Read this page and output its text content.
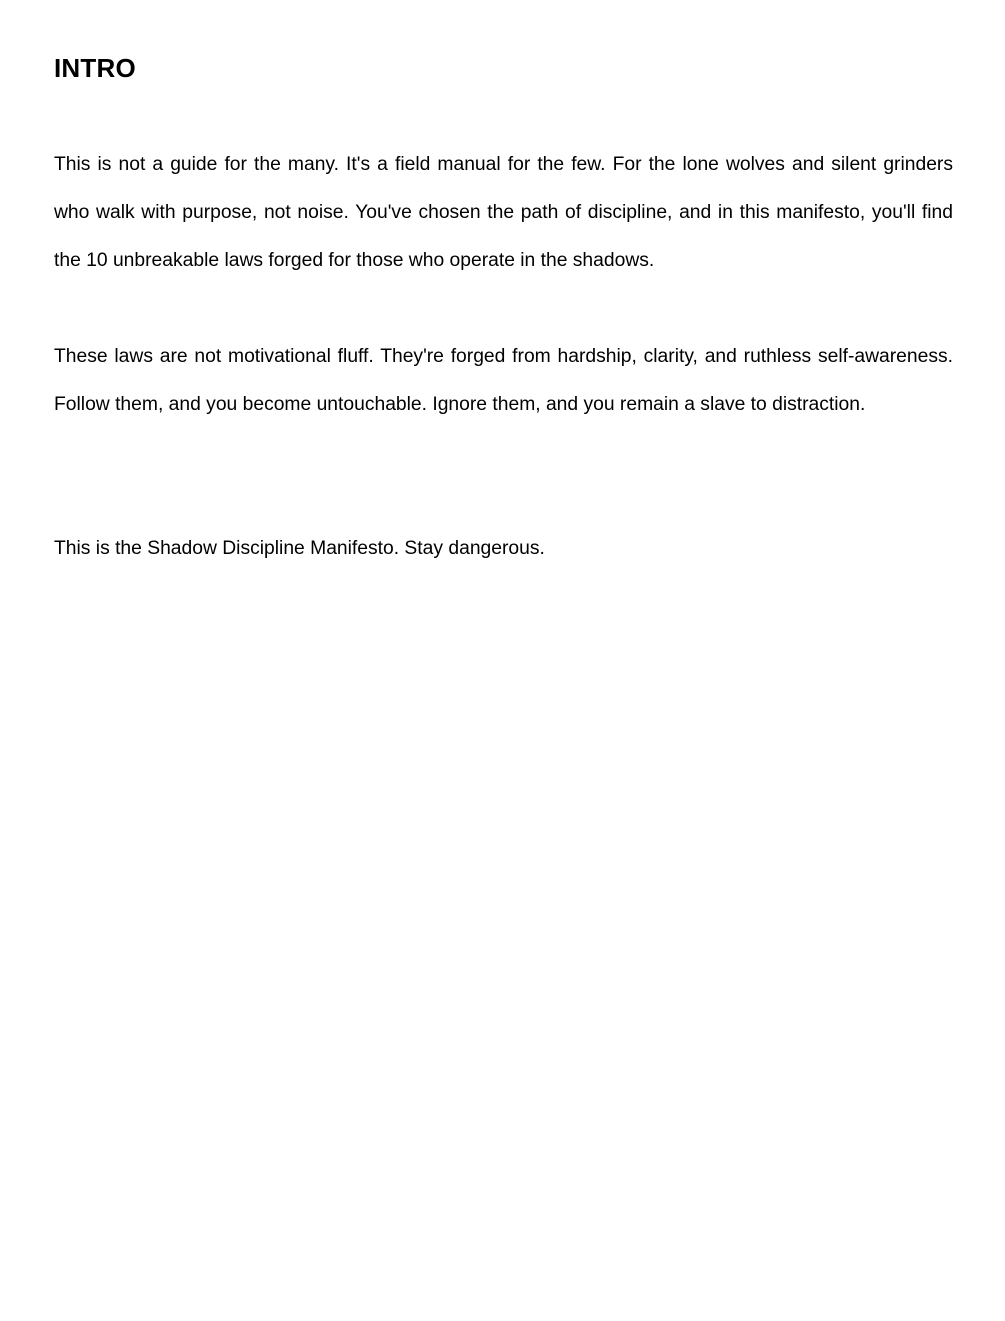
INTRO

This is not a guide for the many. It's a field manual for the few. For the lone wolves and silent grinders who walk with purpose, not noise. You've chosen the path of discipline, and in this manifesto, you'll find the 10 unbreakable laws forged for those who operate in the shadows.

These laws are not motivational fluff. They're forged from hardship, clarity, and ruthless self-awareness. Follow them, and you become untouchable. Ignore them, and you remain a slave to distraction.

This is the Shadow Discipline Manifesto. Stay dangerous.
